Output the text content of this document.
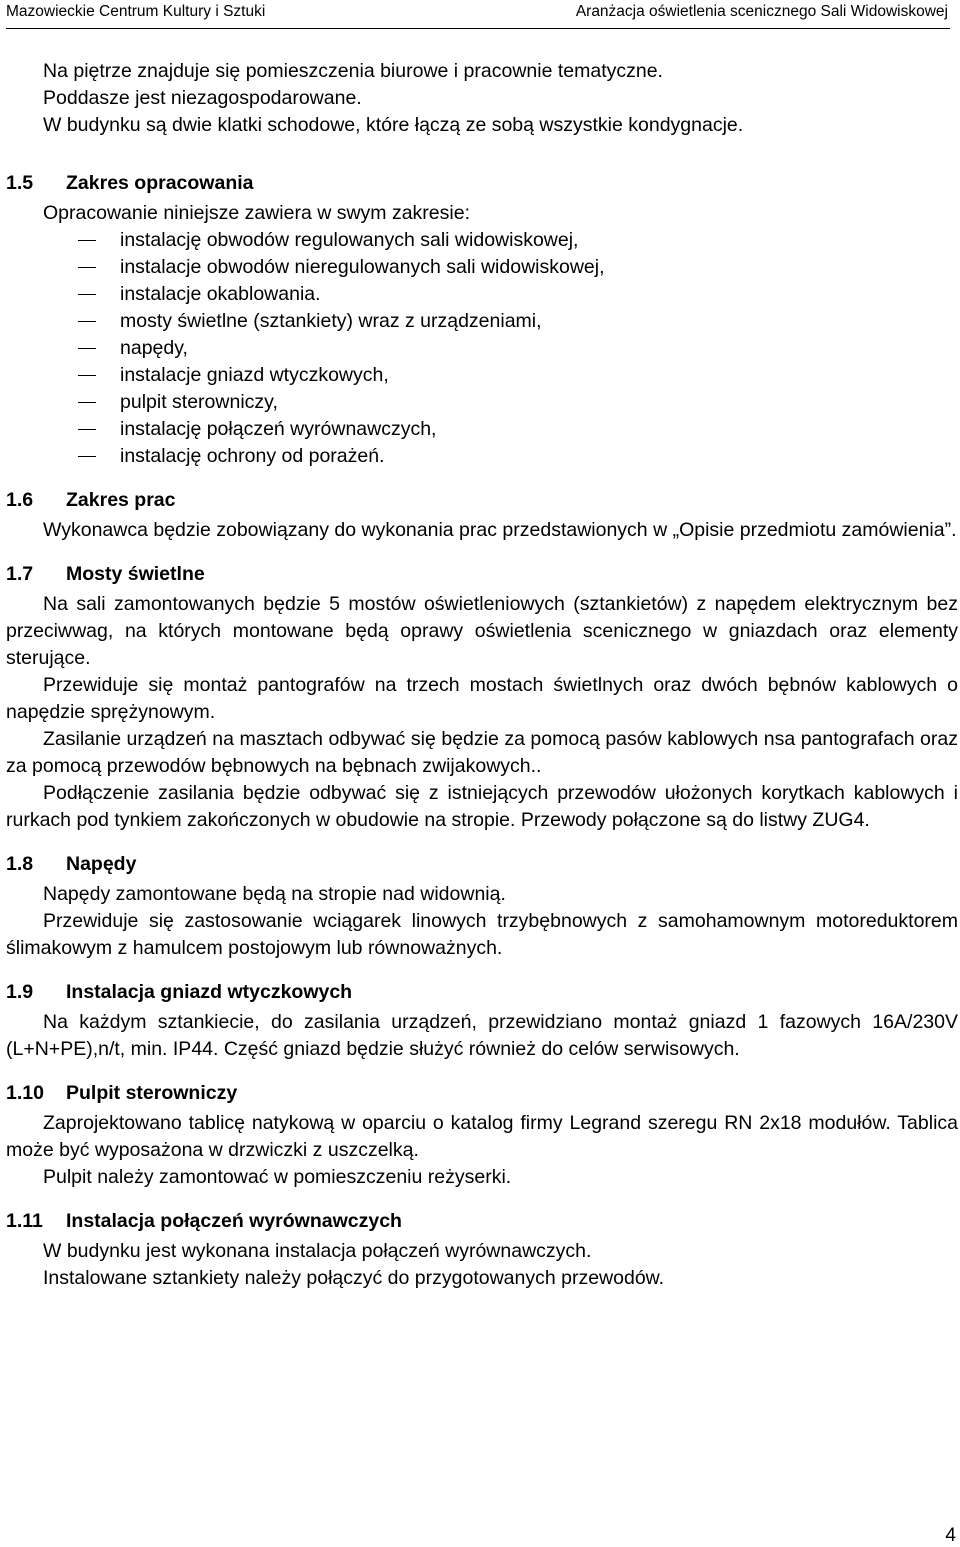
Mazowieckie Centrum Kultury i Sztuki	Aranżacja oświetlenia scenicznego Sali Widowiskowej

Na piętrze znajduje się pomieszczenia biurowe i pracownie tematyczne.

Poddasze jest niezagospodarowane.

W budynku są dwie klatki schodowe, które łączą ze sobą wszystkie kondygnacje.

1.5	Zakres opracowania

Opracowanie niniejsze zawiera w swym zakresie:

instalację obwodów regulowanych sali widowiskowej,
instalacje obwodów nieregulowanych sali widowiskowej,
instalacje okablowania.
mosty świetlne (sztankiety) wraz z urządzeniami,
napędy,
instalacje gniazd wtyczkowych,
pulpit sterowniczy,
instalację połączeń wyrównawczych,
instalację ochrony od porażeń.
1.6	Zakres prac

Wykonawca będzie zobowiązany do wykonania prac przedstawionych w „Opisie przedmiotu zamówienia”.

1.7	Mosty świetlne

Na sali zamontowanych będzie 5 mostów oświetleniowych (sztankietów) z napędem elektrycznym bez przeciwwag, na których montowane będą oprawy oświetlenia scenicznego w gniazdach oraz elementy sterujące.

Przewiduje się montaż pantografów na trzech mostach świetlnych oraz dwóch bębnów kablowych o napędzie sprężynowym.

Zasilanie urządzeń na masztach odbywać się będzie za pomocą pasów kablowych nsa pantografach oraz za pomocą przewodów bębnowych na bębnach zwijakowych..

Podłączenie zasilania będzie odbywać się z istniejących przewodów ułożonych korytkach kablowych i rurkach pod tynkiem zakończonych w obudowie na stropie. Przewody połączone są do listwy ZUG4.

1.8	Napędy

Napędy zamontowane będą na stropie nad widownią.

Przewiduje się zastosowanie wciągarek linowych trzybębnowych z samohamownym motoreduktorem ślimakowym z hamulcem postojowym lub równoważnych.

1.9	Instalacja gniazd wtyczkowych

Na każdym sztankiecie, do zasilania urządzeń, przewidziano montaż gniazd 1 fazowych 16A/230V (L+N+PE),n/t, min. IP44. Część gniazd będzie służyć również do celów serwisowych.

1.10	Pulpit sterowniczy

Zaprojektowano tablicę natykową w oparciu o katalog firmy Legrand szeregu RN 2x18 modułów. Tablica może być wyposażona w drzwiczki z uszczelką.

Pulpit należy zamontować w pomieszczeniu reżyserki.

1.11	Instalacja połączeń wyrównawczych

W budynku jest wykonana instalacja połączeń wyrównawczych.

Instalowane sztankiety należy połączyć do przygotowanych przewodów.

4
